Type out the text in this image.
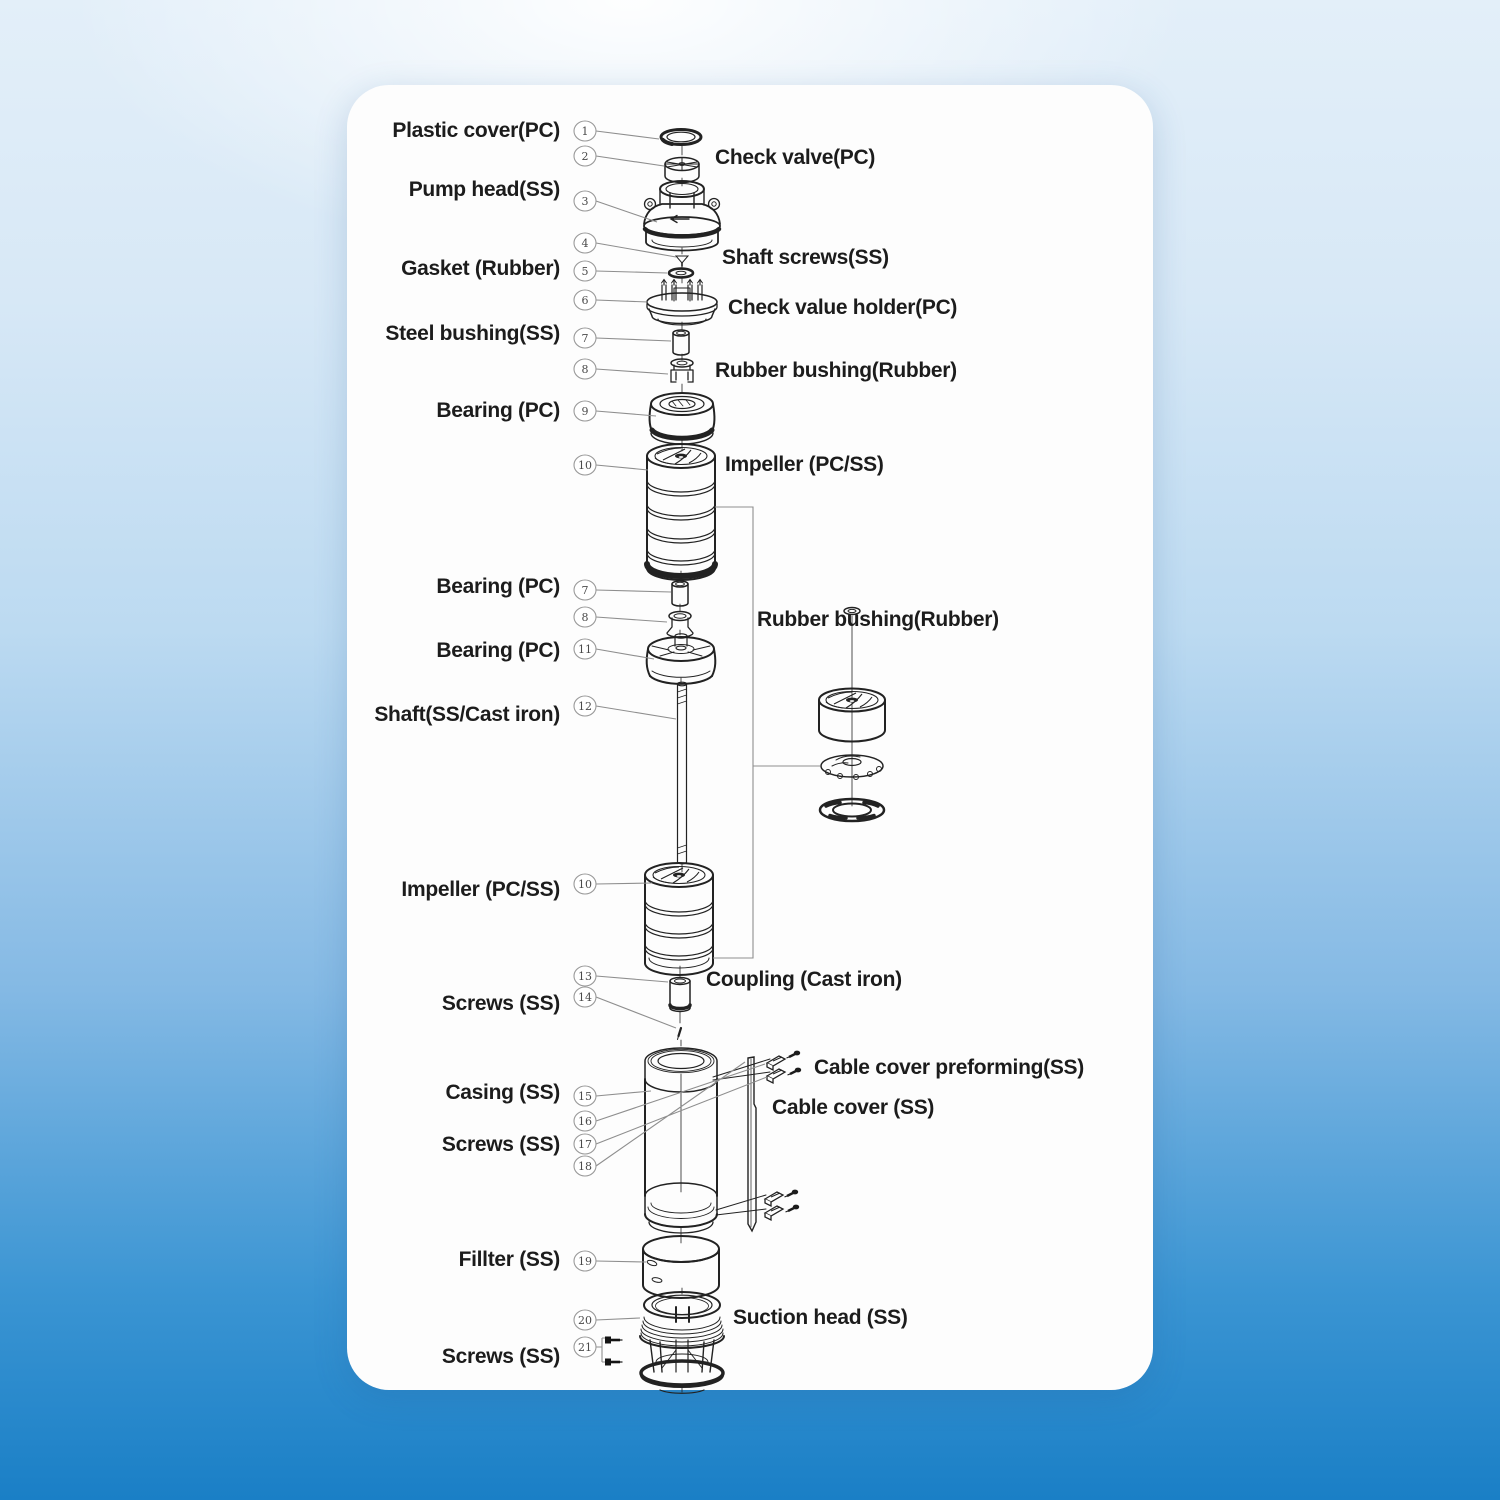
1
2
3
4
5
6
7
8
9
10
7
8
11
12
10
13
14
15
16
17
18
19
20
21
Plastic cover(PC)
Pump head(SS)
Gasket (Rubber)
Steel bushing(SS)
Bearing (PC)
Bearing (PC)
Bearing (PC)
Shaft(SS/Cast iron)
Impeller (PC/SS)
Screws (SS)
Casing (SS)
Screws (SS)
Fillter (SS)
Screws (SS)
Check valve(PC)
Shaft screws(SS)
Check value holder(PC)
Rubber bushing(Rubber)
Impeller (PC/SS)
Rubber bushing(Rubber)
Coupling (Cast iron)
Cable cover preforming(SS)
Cable cover (SS)
Suction head (SS)
